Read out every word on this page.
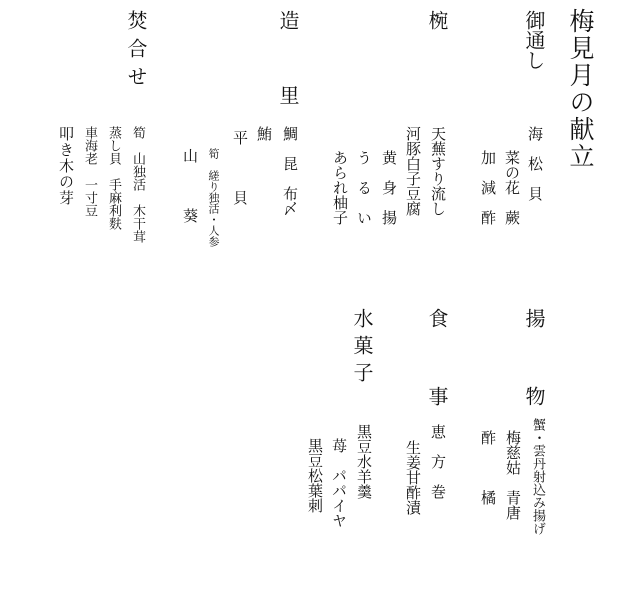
梅見月の献立
御通し
海　松　貝
菜の花　蕨
加　減　酢
椀
天蕪すり流し
河豚白子豆腐
黄　身　揚
う　る　い
あられ柚子
造　　里
鯛　昆　布〆
鮪
平　　　貝
筍　縒り独活・人参
山　　　葵
焚合せ
筍　山独活　木干茸
蒸し貝　手麻利麩
車海老　一寸豆
叩き木の芽
揚　　物
蟹・雲丹射込み揚げ
梅慈姑　青唐
酢　　　橘
食　　事
恵　方　巻
生姜甘酢漬
水菓子
黒豆水羊羹
苺　パパイヤ
黒豆松葉刺
